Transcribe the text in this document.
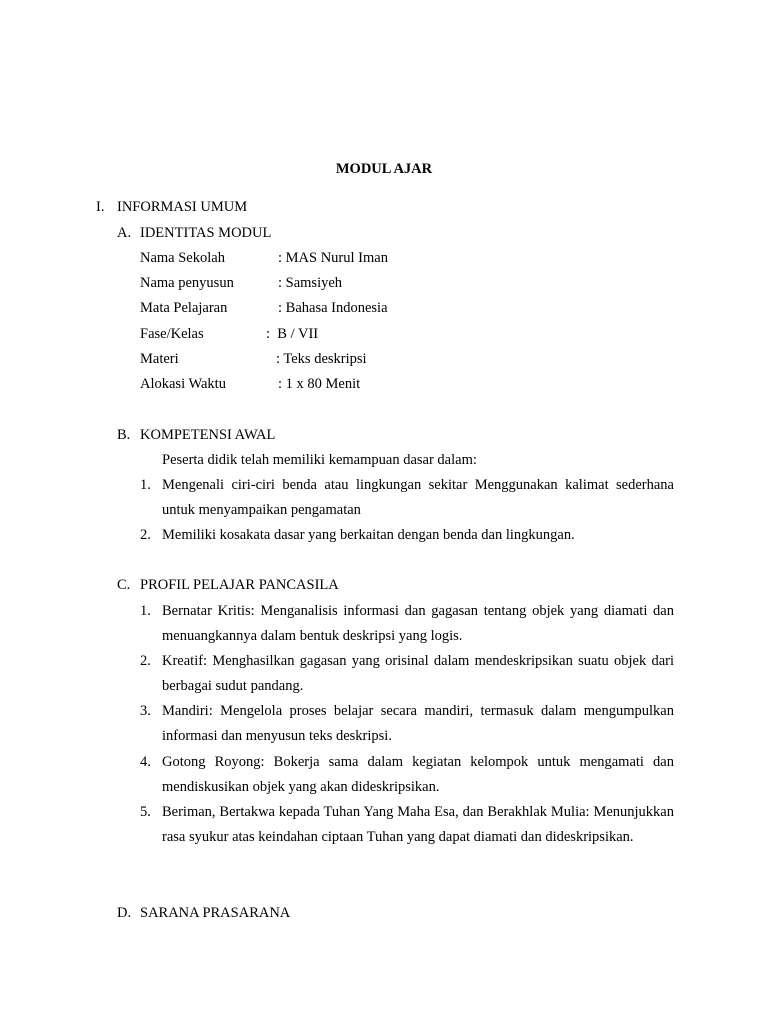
MODUL AJAR
I. INFORMASI UMUM
A. IDENTITAS MODUL
Nama Sekolah	: MAS Nurul Iman
Nama penyusun	: Samsiyeh
Mata Pelajaran	: Bahasa Indonesia
Fase/Kelas	:  B / VII
Materi	: Teks deskripsi
Alokasi Waktu	: 1 x 80 Menit
B. KOMPETENSI AWAL
Peserta didik telah memiliki kemampuan dasar dalam:
1. Mengenali ciri-ciri benda atau lingkungan sekitar Menggunakan kalimat sederhana untuk menyampaikan pengamatan
2. Memiliki kosakata dasar yang berkaitan dengan benda dan lingkungan.
C. PROFIL PELAJAR PANCASILA
1. Bernatar Kritis: Menganalisis informasi dan gagasan tentang objek yang diamati dan menuangkannya dalam bentuk deskripsi yang logis.
2. Kreatif: Menghasilkan gagasan yang orisinal dalam mendeskripsikan suatu objek dari berbagai sudut pandang.
3. Mandiri: Mengelola proses belajar secara mandiri, termasuk dalam mengumpulkan informasi dan menyusun teks deskripsi.
4. Gotong Royong: Bokerja sama dalam kegiatan kelompok untuk mengamati dan mendiskusikan objek yang akan dideskripsikan.
5. Beriman, Bertakwa kepada Tuhan Yang Maha Esa, dan Berakhlak Mulia: Menunjukkan rasa syukur atas keindahan ciptaan Tuhan yang dapat diamati dan dideskripsikan.
D. SARANA PRASARANA
